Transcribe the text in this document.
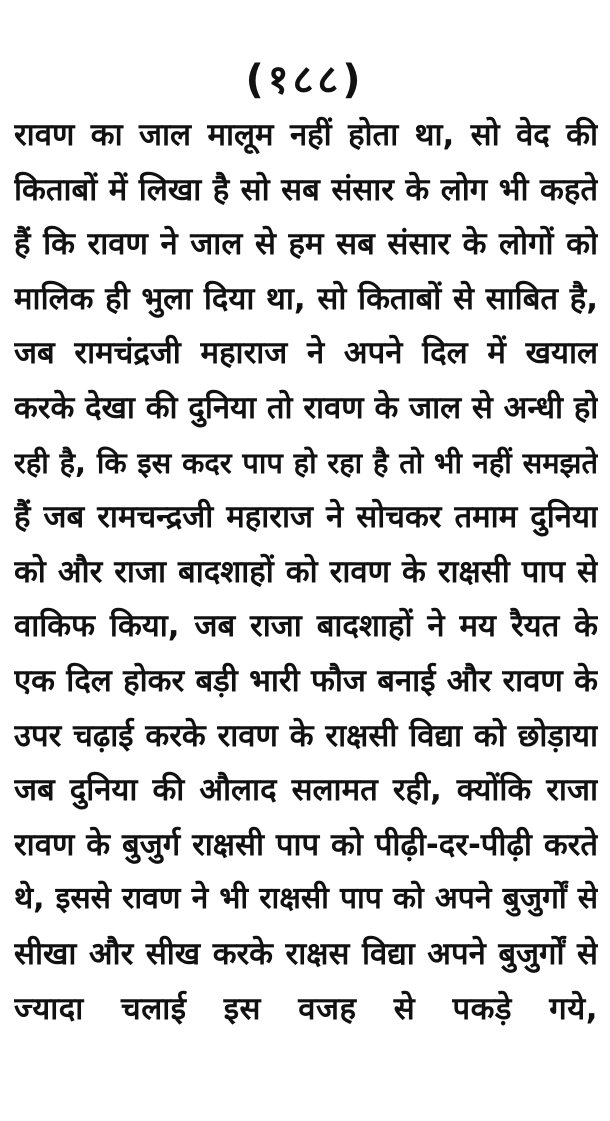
(१८८)
रावण का जाल मालूम नहीं होता था, सो वेद की
किताबों में लिखा है सो सब संसार के लोग भी कहते
हैं कि रावण ने जाल से हम सब संसार के लोगों को
मालिक ही भुला दिया था, सो किताबों से साबित है,
जब रामचंद्रजी महाराज ने अपने दिल में खयाल
करके देखा की दुनिया तो रावण के जाल से अन्धी हो
रही है, कि इस कदर पाप हो रहा है तो भी नहीं समझते
हैं जब रामचन्द्रजी महाराज ने सोचकर तमाम दुनिया
को और राजा बादशाहों को रावण के राक्षसी पाप से
वाकिफ किया, जब राजा बादशाहों ने मय रैयत के
एक दिल होकर बड़ी भारी फौज बनाई और रावण के
उपर चढ़ाई करके रावण के राक्षसी विद्या को छोड़ाया
जब दुनिया की औलाद सलामत रही, क्योंकि राजा
रावण के बुजुर्ग राक्षसी पाप को पीढ़ी-दर-पीढ़ी करते
थे, इससे रावण ने भी राक्षसी पाप को अपने बुजुर्गों से
सीखा और सीख करके राक्षस विद्या अपने बुजुर्गों से
ज्यादा चलाई इस वजह से पकड़े गये,
